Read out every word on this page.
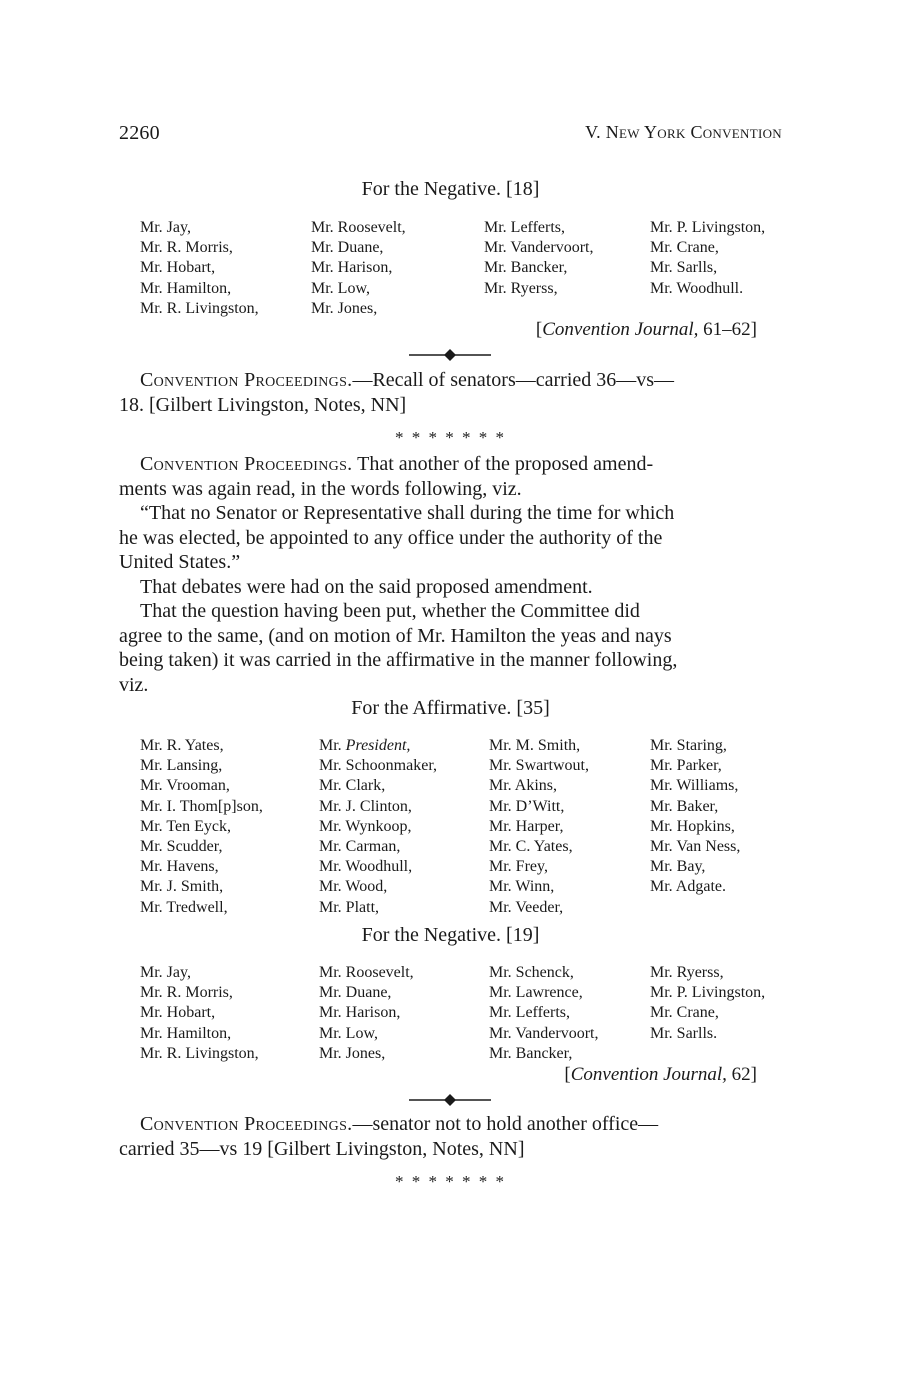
2260	V. New York Convention
For the Negative. [18]
Mr. Jay,
Mr. R. Morris,
Mr. Hobart,
Mr. Hamilton,
Mr. R. Livingston,
Mr. Roosevelt,
Mr. Duane,
Mr. Harison,
Mr. Low,
Mr. Jones,
Mr. Lefferts,
Mr. Vandervoort,
Mr. Bancker,
Mr. Ryerss,
Mr. P. Livingston,
Mr. Crane,
Mr. Sarlls,
Mr. Woodhull.
[Convention Journal, 61–62]

Convention Proceedings.—Recall of senators—carried 36—vs—
18. [Gilbert Livingston, Notes, NN]

* * * * * * *

Convention Proceedings. That another of the proposed amend-
ments was again read, in the words following, viz.
“That no Senator or Representative shall during the time for which
he was elected, be appointed to any office under the authority of the
United States.”
That debates were had on the said proposed amendment.
That the question having been put, whether the Committee did
agree to the same, (and on motion of Mr. Hamilton the yeas and nays
being taken) it was carried in the affirmative in the manner following,
viz.

For the Affirmative. [35]
Mr. R. Yates,
Mr. Lansing,
Mr. Vrooman,
Mr. I. Thom[p]son,
Mr. Ten Eyck,
Mr. Scudder,
Mr. Havens,
Mr. J. Smith,
Mr. Tredwell,
Mr. President,
Mr. Schoonmaker,
Mr. Clark,
Mr. J. Clinton,
Mr. Wynkoop,
Mr. Carman,
Mr. Woodhull,
Mr. Wood,
Mr. Platt,
Mr. M. Smith,
Mr. Swartwout,
Mr. Akins,
Mr. D’Witt,
Mr. Harper,
Mr. C. Yates,
Mr. Frey,
Mr. Winn,
Mr. Veeder,
Mr. Staring,
Mr. Parker,
Mr. Williams,
Mr. Baker,
Mr. Hopkins,
Mr. Van Ness,
Mr. Bay,
Mr. Adgate.
For the Negative. [19]
Mr. Jay,
Mr. R. Morris,
Mr. Hobart,
Mr. Hamilton,
Mr. R. Livingston,
Mr. Roosevelt,
Mr. Duane,
Mr. Harison,
Mr. Low,
Mr. Jones,
Mr. Schenck,
Mr. Lawrence,
Mr. Lefferts,
Mr. Vandervoort,
Mr. Bancker,
Mr. Ryerss,
Mr. P. Livingston,
Mr. Crane,
Mr. Sarlls.
[Convention Journal, 62]

Convention Proceedings.—senator not to hold another office—
carried 35—vs 19 [Gilbert Livingston, Notes, NN]

* * * * * * *
